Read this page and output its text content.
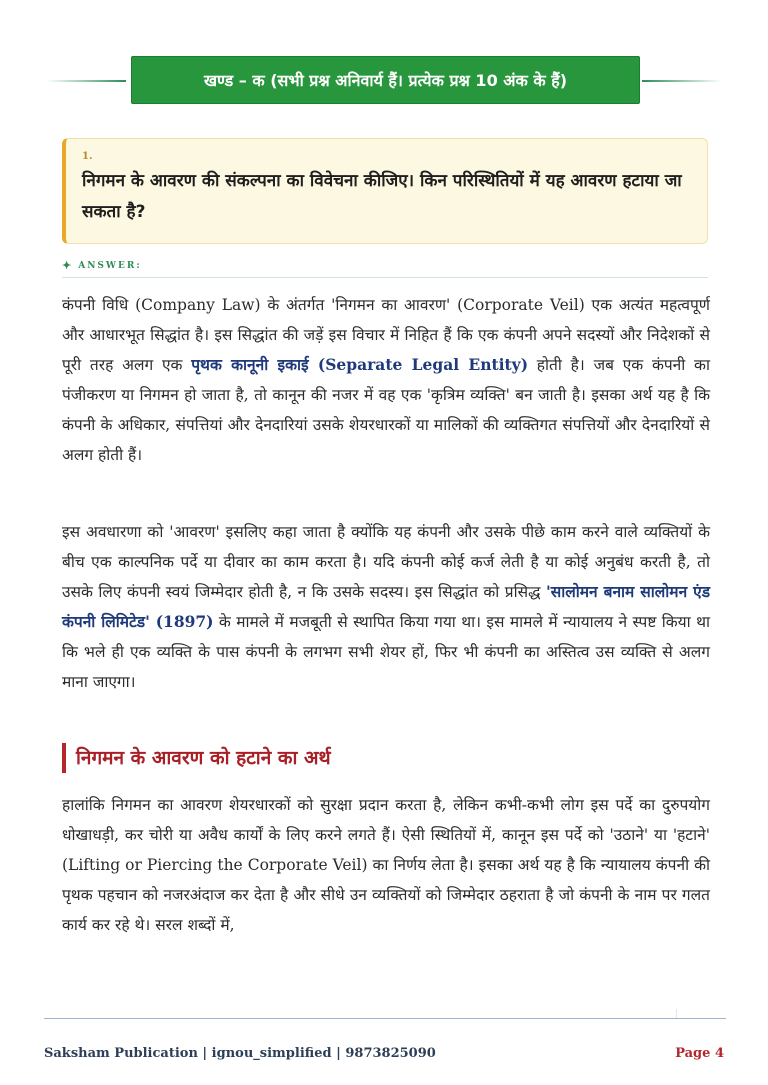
खण्ड – क (सभी प्रश्न अनिवार्य हैं। प्रत्येक प्रश्न 10 अंक के हैं)
1.
निगमन के आवरण की संकल्पना का विवेचना कीजिए। किन परिस्थितियों में यह आवरण हटाया जा सकता है?
✦ ANSWER:

कंपनी विधि (Company Law) के अंतर्गत 'निगमन का आवरण' (Corporate Veil) एक अत्यंत महत्वपूर्ण और आधारभूत सिद्धांत है। इस सिद्धांत की जड़ें इस विचार में निहित हैं कि एक कंपनी अपने सदस्यों और निदेशकों से पूरी तरह अलग एक पृथक कानूनी इकाई (Separate Legal Entity) होती है। जब एक कंपनी का पंजीकरण या निगमन हो जाता है, तो कानून की नजर में वह एक 'कृत्रिम व्यक्ति' बन जाती है। इसका अर्थ यह है कि कंपनी के अधिकार, संपत्तियां और देनदारियां उसके शेयरधारकों या मालिकों की व्यक्तिगत संपत्तियों और देनदारियों से अलग होती हैं।

इस अवधारणा को 'आवरण' इसलिए कहा जाता है क्योंकि यह कंपनी और उसके पीछे काम करने वाले व्यक्तियों के बीच एक काल्पनिक पर्दे या दीवार का काम करता है। यदि कंपनी कोई कर्ज लेती है या कोई अनुबंध करती है, तो उसके लिए कंपनी स्वयं जिम्मेदार होती है, न कि उसके सदस्य। इस सिद्धांत को प्रसिद्ध 'सालोमन बनाम सालोमन एंड कंपनी लिमिटेड' (1897) के मामले में मजबूती से स्थापित किया गया था। इस मामले में न्यायालय ने स्पष्ट किया था कि भले ही एक व्यक्ति के पास कंपनी के लगभग सभी शेयर हों, फिर भी कंपनी का अस्तित्व उस व्यक्ति से अलग माना जाएगा।

निगमन के आवरण को हटाने का अर्थ

हालांकि निगमन का आवरण शेयरधारकों को सुरक्षा प्रदान करता है, लेकिन कभी-कभी लोग इस पर्दे का दुरुपयोग धोखाधड़ी, कर चोरी या अवैध कार्यों के लिए करने लगते हैं। ऐसी स्थितियों में, कानून इस पर्दे को 'उठाने' या 'हटाने' (Lifting or Piercing the Corporate Veil) का निर्णय लेता है। इसका अर्थ यह है कि न्यायालय कंपनी की पृथक पहचान को नजरअंदाज कर देता है और सीधे उन व्यक्तियों को जिम्मेदार ठहराता है जो कंपनी के नाम पर गलत कार्य कर रहे थे। सरल शब्दों में,

Saksham Publication | ignou_simplified | 9873825090	Page 4
